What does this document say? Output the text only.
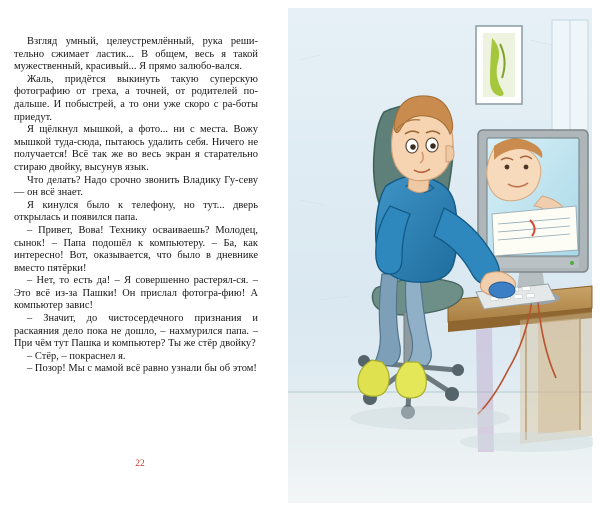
Взгляд умный, целеустремлённый, рука реши-тельно сжимает ластик... В общем, весь я такой мужественный, красивый... Я прямо залюбо-вался.

Жаль, придётся выкинуть такую суперскую фотографию от греха, а точней, от родителей по-дальше. И побыстрей, а то они уже скоро с ра-боты приедут.

Я щёлкнул мышкой, а фото... ни с места. Вожу мышкой туда-сюда, пытаюсь удалить себя. Ничего не получается! Всё так же во весь экран я старательно стираю двойку, высунув язык.

Что делать? Надо срочно звонить Владику Гу-севу — он всё знает.

Я кинулся было к телефону, но тут... дверь открылась и появился папа.

– Привет, Вова! Технику осваиваешь? Молодец, сынок! – Папа подошёл к компьютеру. – Ба, как интересно! Вот, оказывается, что было в дневнике вместо пятёрки!

– Нет, то есть да! – Я совершенно растерял-ся. – Это всё из-за Пашки! Он прислал фотогра-фию! А компьютер завис!

– Значит, до чистосердечного признания и раскаяния дело пока не дошло, – нахмурился папа. – При чём тут Пашка и компьютер? Ты же стёр двойку?

– Стёр, – покраснел я.

– Позор! Мы с мамой всё равно узнали бы об этом!

22
